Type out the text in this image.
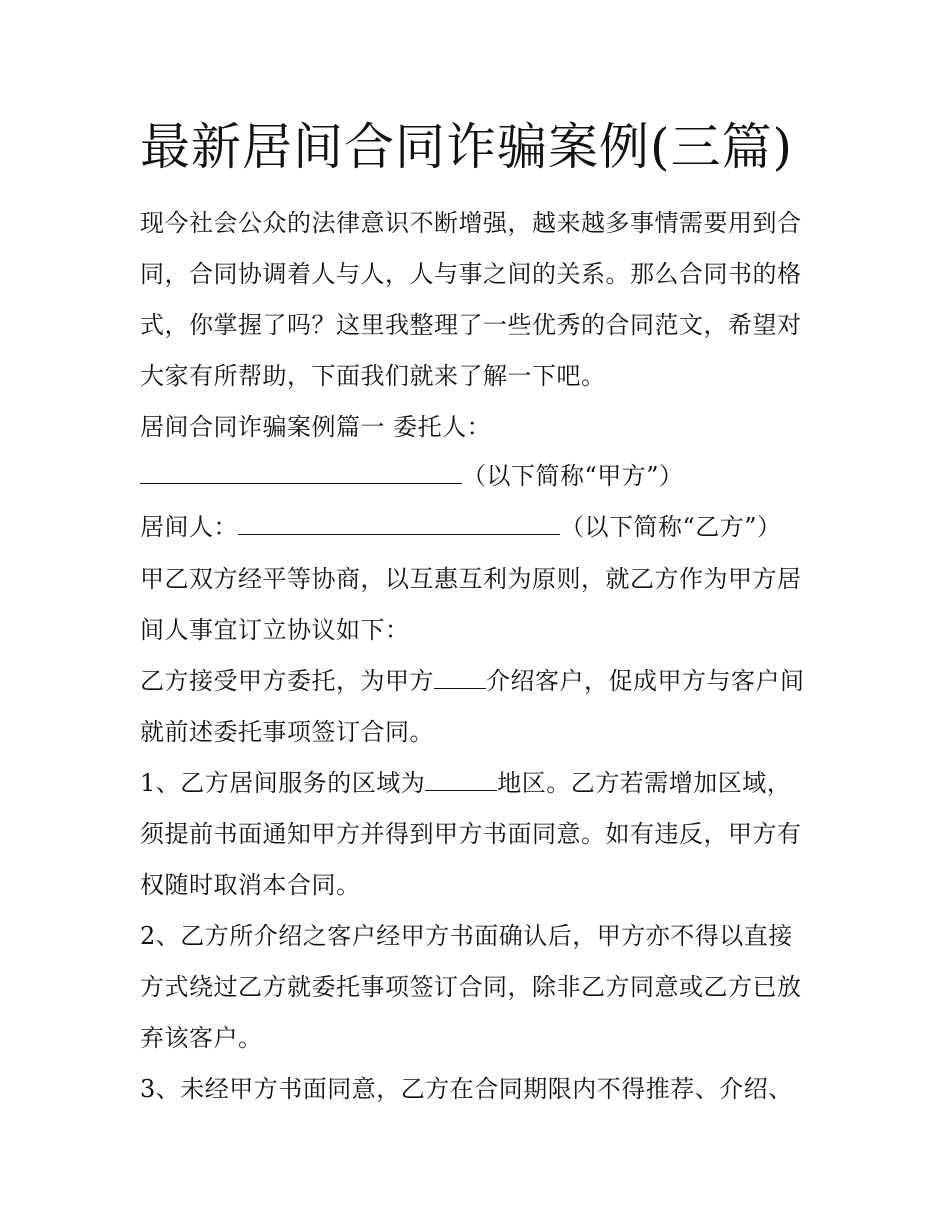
最新居间合同诈骗案例(三篇)
现今社会公众的法律意识不断增强，越来越多事情需要用到合
同，合同协调着人与人，人与事之间的关系。那么合同书的格
式，你掌握了吗？这里我整理了一些优秀的合同范文，希望对
大家有所帮助，下面我们就来了解一下吧。
居间合同诈骗案例篇一 委托人：
（以下简称“甲方”）
居间人：	（以下简称“乙方”）
甲乙双方经平等协商，以互惠互利为原则，就乙方作为甲方居
间人事宜订立协议如下：
乙方接受甲方委托，为甲方 介绍客户，促成甲方与客户间
就前述委托事项签订合同。
1、乙方居间服务的区域为	地区。乙方若需增加区域，
须提前书面通知甲方并得到甲方书面同意。如有违反，甲方有
权随时取消本合同。
2、乙方所介绍之客户经甲方书面确认后，甲方亦不得以直接
方式绕过乙方就委托事项签订合同，除非乙方同意或乙方已放
弃该客户。
3、未经甲方书面同意，乙方在合同期限内不得推荐、介绍、
